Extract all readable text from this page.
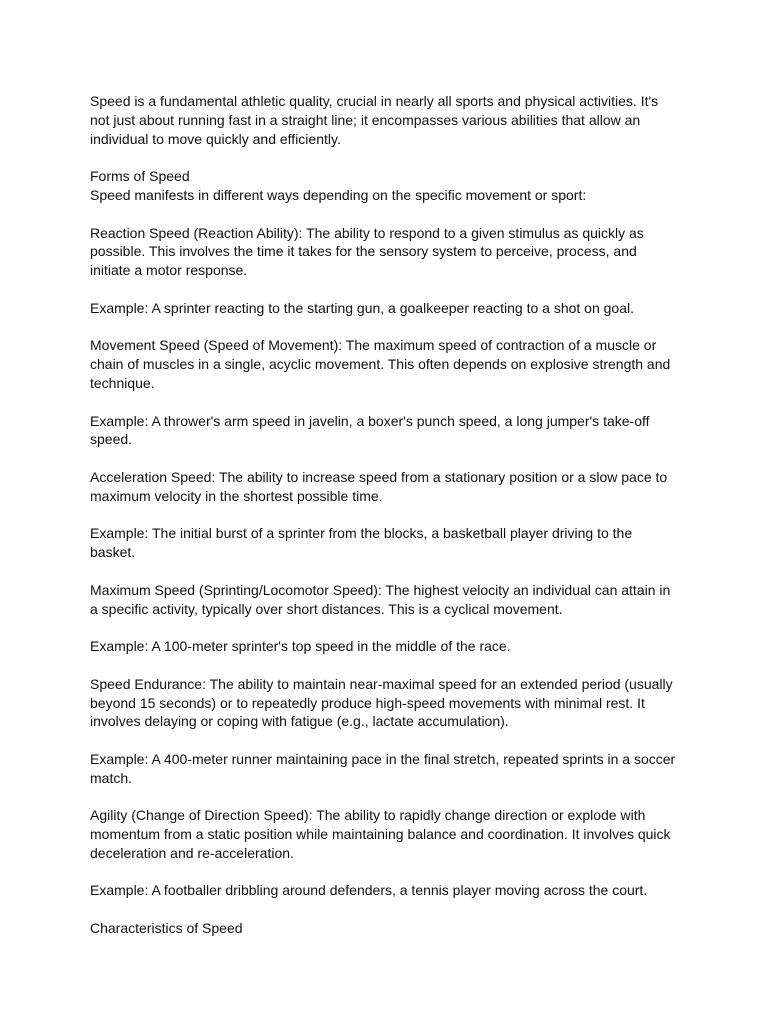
Speed is a fundamental athletic quality, crucial in nearly all sports and physical activities. It's not just about running fast in a straight line; it encompasses various abilities that allow an individual to move quickly and efficiently.

Forms of Speed
Speed manifests in different ways depending on the specific movement or sport:

Reaction Speed (Reaction Ability): The ability to respond to a given stimulus as quickly as possible. This involves the time it takes for the sensory system to perceive, process, and initiate a motor response.

Example: A sprinter reacting to the starting gun, a goalkeeper reacting to a shot on goal.

Movement Speed (Speed of Movement): The maximum speed of contraction of a muscle or chain of muscles in a single, acyclic movement. This often depends on explosive strength and technique.

Example: A thrower's arm speed in javelin, a boxer's punch speed, a long jumper's take-off speed.

Acceleration Speed: The ability to increase speed from a stationary position or a slow pace to maximum velocity in the shortest possible time.

Example: The initial burst of a sprinter from the blocks, a basketball player driving to the basket.

Maximum Speed (Sprinting/Locomotor Speed): The highest velocity an individual can attain in a specific activity, typically over short distances. This is a cyclical movement.

Example: A 100-meter sprinter's top speed in the middle of the race.

Speed Endurance: The ability to maintain near-maximal speed for an extended period (usually beyond 15 seconds) or to repeatedly produce high-speed movements with minimal rest. It involves delaying or coping with fatigue (e.g., lactate accumulation).

Example: A 400-meter runner maintaining pace in the final stretch, repeated sprints in a soccer match.

Agility (Change of Direction Speed): The ability to rapidly change direction or explode with momentum from a static position while maintaining balance and coordination. It involves quick deceleration and re-acceleration.

Example: A footballer dribbling around defenders, a tennis player moving across the court.

Characteristics of Speed
